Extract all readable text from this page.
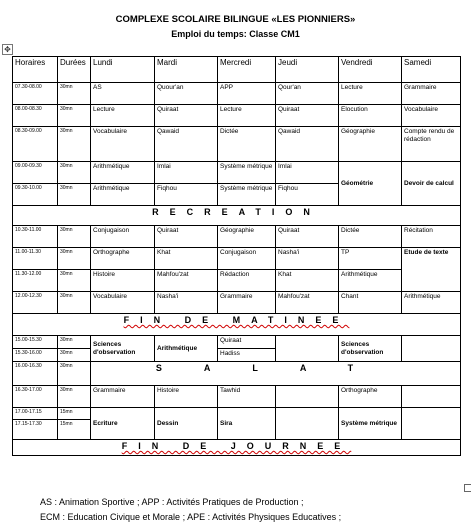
COMPLEXE SCOLAIRE BILINGUE «LES PIONNIERS»
Emploi du temps: Classe CM1
✥
Horaires	Durées	Lundi	Mardi	Mercredi	Jeudi	Vendredi	Samedi
07.30-08.00	30mn	AS	Quour'an	APP	Qour'an	Lecture	Grammaire
08.00-08.30	30mn	Lecture	Quiraat	Lecture	Quiraat	Elocution	Vocabulaire
08.30-09.00	30mn	Vocabulaire	Qawaid	Dictée	Qawaid	Géographie	Compte rendu de rédaction
09.00-09.30	30mn	Arithmétique	Imlai	Système métrique	Imlai	Géométrie	Devoir de calcul
09.30-10.00	30mn	Arithmétique	Fiqhou	Système métrique	Fiqhou		
RECREATION							
10.30-11.00	30mn	Conjugaison	Quiraat	Géographie	Quiraat	Dictée	Récitation
11.00-11.30	30mn	Orthographe	Khat	Conjugaison	Nasha'i	TP	Etude de texte
11.30-12.00	30mn	Histoire	Mahfou'zat	Rédaction	Khat	Arithmétique	
12.00-12.30	30mn	Vocabulaire	Nasha'i	Grammaire	Mahfou'zat	Chant	Arithmétique
FIN DE MATINEE							
15.00-15.30	30mn	Sciences d'observation	Arithmétique	Quiraat		Sciences d'observation	
15.30-16.00	30mn			Hadiss			
16.00-16.30	30mn	SALAT					
16.30-17.00	30mn	Grammaire	Histoire	Tawhid		Orthographe	
17.00-17.15	15mn	Ecriture	Dessin	Sira		Système métrique	
17.15-17.30	15mn						
FIN DE JOURNEE							
AS : Animation Sportive ; APP : Activités Pratiques de Production ;
ECM : Education Civique et Morale ; APE : Activités Physiques Educatives ;
